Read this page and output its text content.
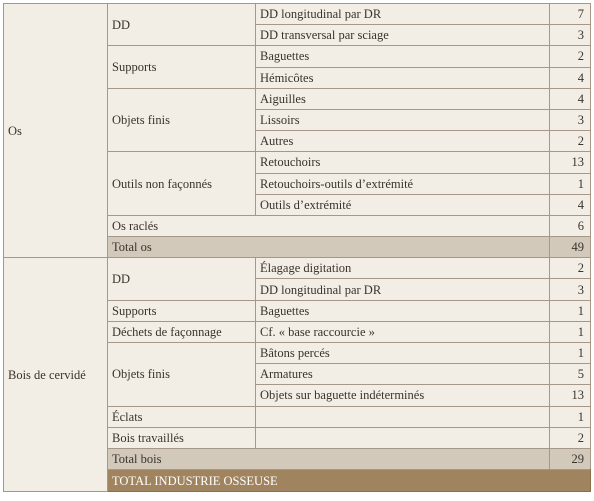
Os	DD	DD longitudinal par DR	7	
		DD transversal par sciage	3	
	Supports	Baguettes	2	
		Hémicôtes	4	
	Objets finis	Aiguilles	4	
		Lissoirs	3	
		Autres	2	
	Outils non façonnés	Retouchoirs	13	
		Retouchoirs-outils d’extrémité	1	
		Outils d’extrémité	4	
	Os raclés		6	
	Total os		49	
Bois de cervidé	DD	Élagage digitation	2	
		DD longitudinal par DR	3	
	Supports	Baguettes	1	
	Déchets de façonnage	Cf. « base raccourcie »	1	
	Objets finis	Bâtons percés	1	
		Armatures	5	
		Objets sur baguette indéterminés	13	
	Éclats		1	
	Bois travaillés		2	
	Total bois		29	
	TOTAL INDUSTRIE OSSEUSE	
